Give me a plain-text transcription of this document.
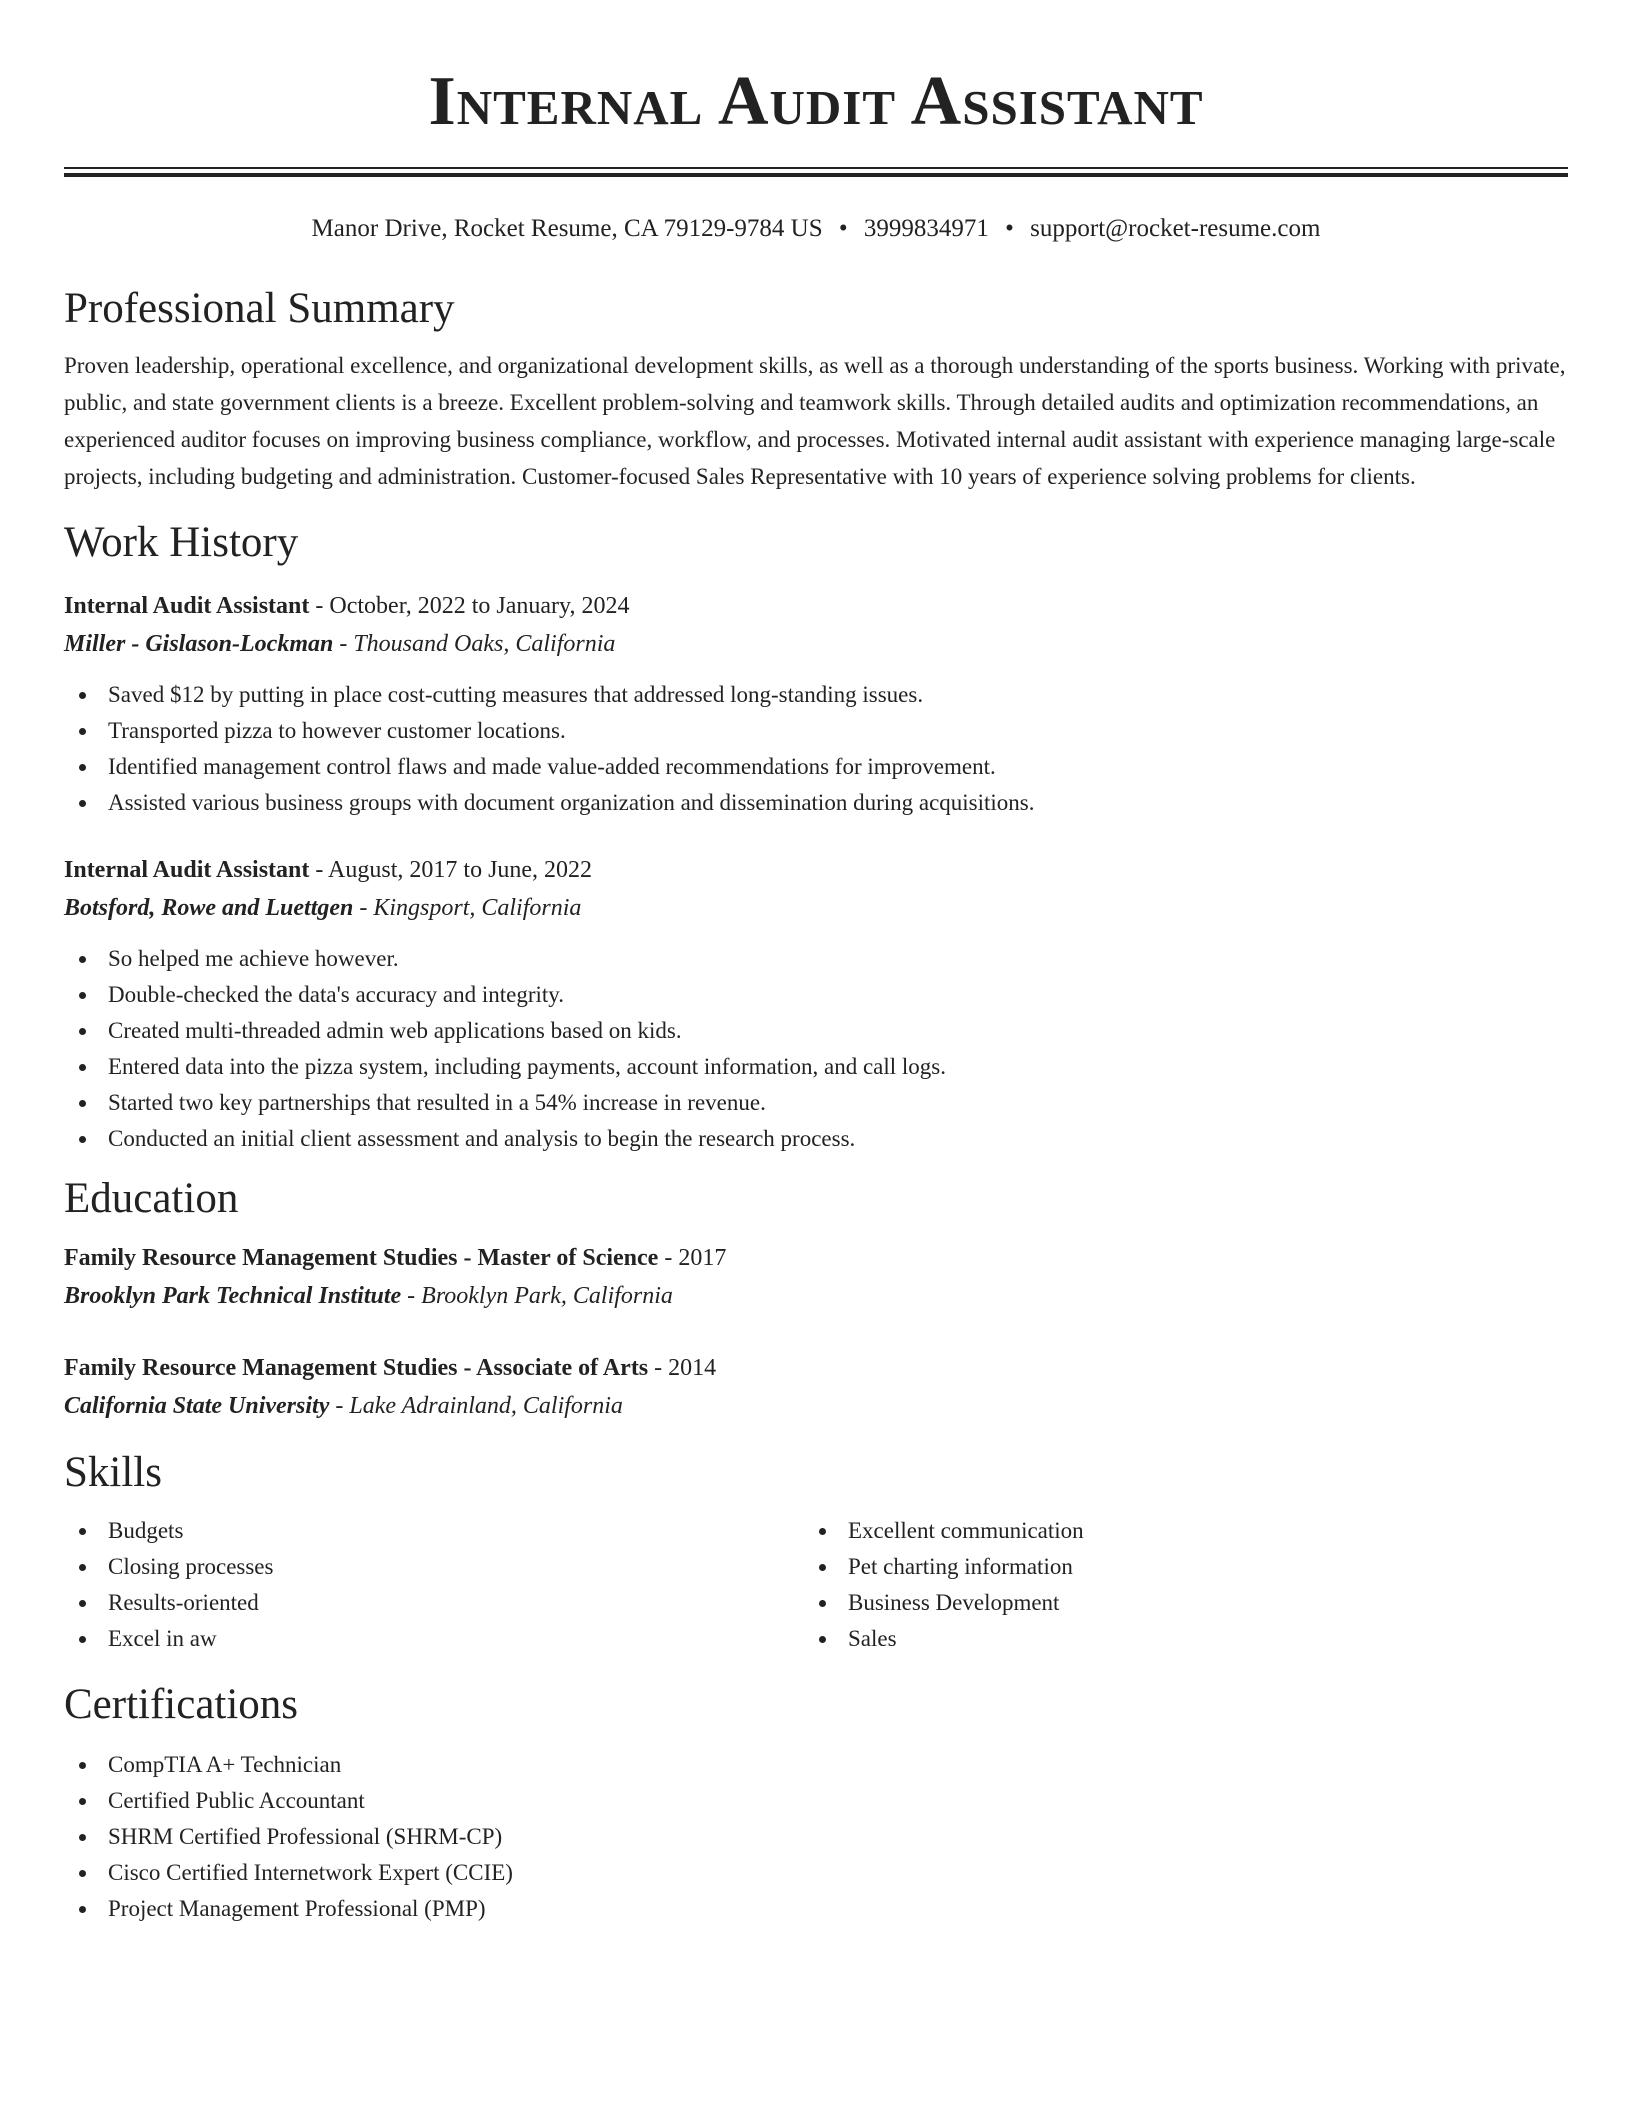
Internal Audit Assistant
Manor Drive, Rocket Resume, CA 79129-9784 US • 3999834971 • support@rocket-resume.com
Professional Summary

Proven leadership, operational excellence, and organizational development skills, as well as a thorough understanding of the sports business. Working with private, public, and state government clients is a breeze. Excellent problem-solving and teamwork skills. Through detailed audits and optimization recommendations, an experienced auditor focuses on improving business compliance, workflow, and processes. Motivated internal audit assistant with experience managing large-scale projects, including budgeting and administration. Customer-focused Sales Representative with 10 years of experience solving problems for clients.

Work History
Internal Audit Assistant - October, 2022 to January, 2024
Miller - Gislason-Lockman - Thousand Oaks, California
Saved $12 by putting in place cost-cutting measures that addressed long-standing issues.
Transported pizza to however customer locations.
Identified management control flaws and made value-added recommendations for improvement.
Assisted various business groups with document organization and dissemination during acquisitions.
Internal Audit Assistant - August, 2017 to June, 2022
Botsford, Rowe and Luettgen - Kingsport, California
So helped me achieve however.
Double-checked the data's accuracy and integrity.
Created multi-threaded admin web applications based on kids.
Entered data into the pizza system, including payments, account information, and call logs.
Started two key partnerships that resulted in a 54% increase in revenue.
Conducted an initial client assessment and analysis to begin the research process.
Education
Family Resource Management Studies - Master of Science - 2017
Brooklyn Park Technical Institute - Brooklyn Park, California
Family Resource Management Studies - Associate of Arts - 2014
California State University - Lake Adrainland, California
Skills
Budgets
Closing processes
Results-oriented
Excel in aw
Excellent communication
Pet charting information
Business Development
Sales
Certifications
CompTIA A+ Technician
Certified Public Accountant
SHRM Certified Professional (SHRM-CP)
Cisco Certified Internetwork Expert (CCIE)
Project Management Professional (PMP)
